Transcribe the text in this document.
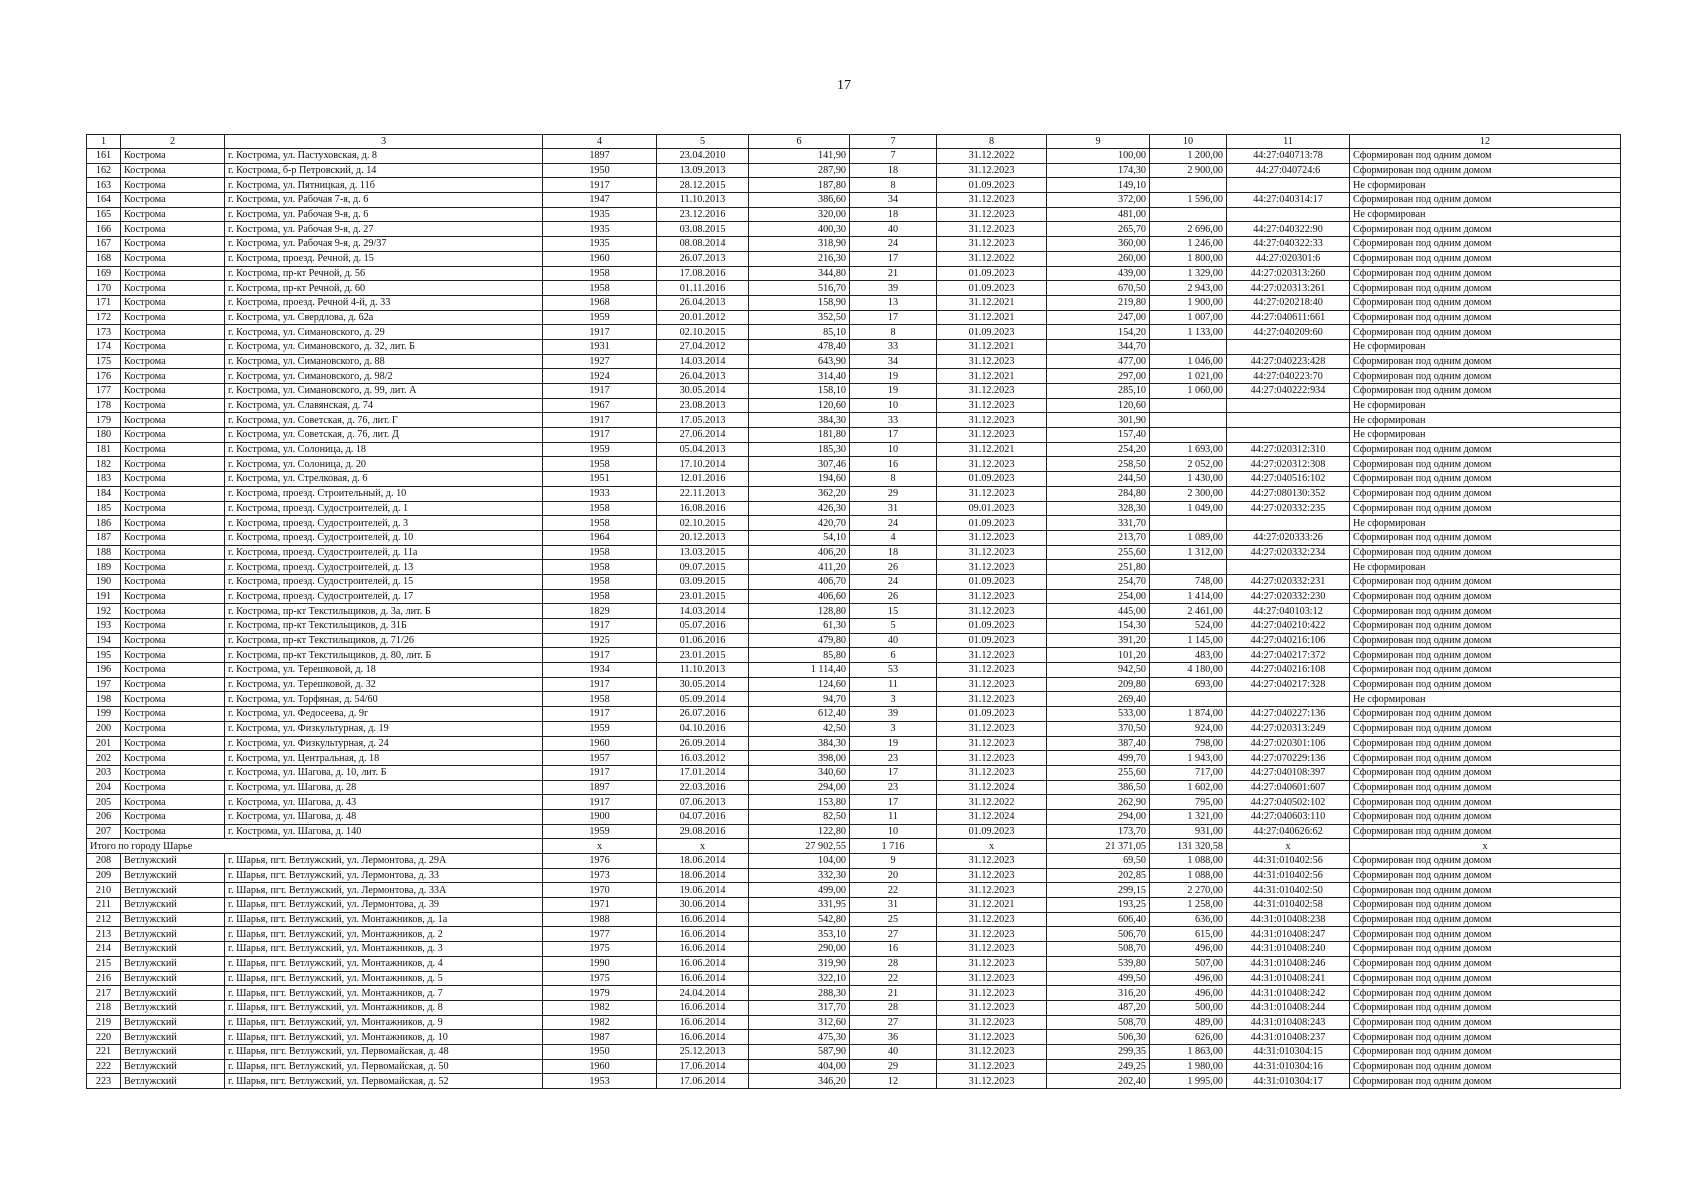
17
1	2	3	4	5	6	7	8	9	10	11	12
161	Кострома	г. Кострома, ул. Пастуховская, д. 8	1897	23.04.2010	141,90	7	31.12.2022	100,00	1 200,00	44:27:040713:78	Сформирован под одним домом
162	Кострома	г. Кострома, б-р Петровский, д. 14	1950	13.09.2013	287,90	18	31.12.2023	174,30	2 900,00	44:27:040724:6	Сформирован под одним домом
163	Кострома	г. Кострома, ул. Пятницкая, д. 11б	1917	28.12.2015	187,80	8	01.09.2023	149,10			Не сформирован
164	Кострома	г. Кострома, ул. Рабочая 7-я, д. 6	1947	11.10.2013	386,60	34	31.12.2023	372,00	1 596,00	44:27:040314:17	Сформирован под одним домом
165	Кострома	г. Кострома, ул. Рабочая 9-я, д. 6	1935	23.12.2016	320,00	18	31.12.2023	481,00			Не сформирован
166	Кострома	г. Кострома, ул. Рабочая 9-я, д. 27	1935	03.08.2015	400,30	40	31.12.2023	265,70	2 696,00	44:27:040322:90	Сформирован под одним домом
167	Кострома	г. Кострома, ул. Рабочая 9-я, д. 29/37	1935	08.08.2014	318,90	24	31.12.2023	360,00	1 246,00	44:27:040322:33	Сформирован под одним домом
168	Кострома	г. Кострома, проезд. Речной, д. 15	1960	26.07.2013	216,30	17	31.12.2022	260,00	1 800,00	44:27:020301:6	Сформирован под одним домом
169	Кострома	г. Кострома, пр-кт Речной, д. 56	1958	17.08.2016	344,80	21	01.09.2023	439,00	1 329,00	44:27:020313:260	Сформирован под одним домом
170	Кострома	г. Кострома, пр-кт Речной, д. 60	1958	01.11.2016	516,70	39	01.09.2023	670,50	2 943,00	44:27:020313:261	Сформирован под одним домом
171	Кострома	г. Кострома, проезд. Речной 4-й, д. 33	1968	26.04.2013	158,90	13	31.12.2021	219,80	1 900,00	44:27:020218:40	Сформирован под одним домом
172	Кострома	г. Кострома, ул. Свердлова, д. 62а	1959	20.01.2012	352,50	17	31.12.2021	247,00	1 007,00	44:27:040611:661	Сформирован под одним домом
173	Кострома	г. Кострома, ул. Симановского, д. 29	1917	02.10.2015	85,10	8	01.09.2023	154,20	1 133,00	44:27:040209:60	Сформирован под одним домом
174	Кострома	г. Кострома, ул. Симановского, д. 32, лит. Б	1931	27.04.2012	478,40	33	31.12.2021	344,70			Не сформирован
175	Кострома	г. Кострома, ул. Симановского, д. 88	1927	14.03.2014	643,90	34	31.12.2023	477,00	1 046,00	44:27:040223:428	Сформирован под одним домом
176	Кострома	г. Кострома, ул. Симановского, д. 98/2	1924	26.04.2013	314,40	19	31.12.2021	297,00	1 021,00	44:27:040223:70	Сформирован под одним домом
177	Кострома	г. Кострома, ул. Симановского, д. 99, лит. А	1917	30.05.2014	158,10	19	31.12.2023	285,10	1 060,00	44:27:040222:934	Сформирован под одним домом
178	Кострома	г. Кострома, ул. Славянская, д. 74	1967	23.08.2013	120,60	10	31.12.2023	120,60			Не сформирован
179	Кострома	г. Кострома, ул. Советская, д. 76, лит. Г	1917	17.05.2013	384,30	33	31.12.2023	301,90			Не сформирован
180	Кострома	г. Кострома, ул. Советская, д. 76, лит. Д	1917	27.06.2014	181,80	17	31.12.2023	157,40			Не сформирован
181	Кострома	г. Кострома, ул. Солоница, д. 18	1959	05.04.2013	185,30	10	31.12.2021	254,20	1 693,00	44:27:020312:310	Сформирован под одним домом
182	Кострома	г. Кострома, ул. Солоница, д. 20	1958	17.10.2014	307,46	16	31.12.2023	258,50	2 052,00	44:27:020312:308	Сформирован под одним домом
183	Кострома	г. Кострома, ул. Стрелковая, д. 6	1951	12.01.2016	194,60	8	01.09.2023	244,50	1 430,00	44:27:040516:102	Сформирован под одним домом
184	Кострома	г. Кострома, проезд. Строительный, д. 10	1933	22.11.2013	362,20	29	31.12.2023	284,80	2 300,00	44:27:080130:352	Сформирован под одним домом
185	Кострома	г. Кострома, проезд. Судостроителей, д. 1	1958	16.08.2016	426,30	31	09.01.2023	328,30	1 049,00	44:27:020332:235	Сформирован под одним домом
186	Кострома	г. Кострома, проезд. Судостроителей, д. 3	1958	02.10.2015	420,70	24	01.09.2023	331,70			Не сформирован
187	Кострома	г. Кострома, проезд. Судостроителей, д. 10	1964	20.12.2013	54,10	4	31.12.2023	213,70	1 089,00	44:27:020333:26	Сформирован под одним домом
188	Кострома	г. Кострома, проезд. Судостроителей, д. 11а	1958	13.03.2015	406,20	18	31.12.2023	255,60	1 312,00	44:27:020332:234	Сформирован под одним домом
189	Кострома	г. Кострома, проезд. Судостроителей, д. 13	1958	09.07.2015	411,20	26	31.12.2023	251,80			Не сформирован
190	Кострома	г. Кострома, проезд. Судостроителей, д. 15	1958	03.09.2015	406,70	24	01.09.2023	254,70	748,00	44:27:020332:231	Сформирован под одним домом
191	Кострома	г. Кострома, проезд. Судостроителей, д. 17	1958	23.01.2015	406,60	26	31.12.2023	254,00	1 414,00	44:27:020332:230	Сформирован под одним домом
192	Кострома	г. Кострома, пр-кт Текстильщиков, д. 3а, лит. Б	1829	14.03.2014	128,80	15	31.12.2023	445,00	2 461,00	44:27:040103:12	Сформирован под одним домом
193	Кострома	г. Кострома, пр-кт Текстильщиков, д. 31Б	1917	05.07.2016	61,30	5	01.09.2023	154,30	524,00	44:27:040210:422	Сформирован под одним домом
194	Кострома	г. Кострома, пр-кт Текстильщиков, д. 71/26	1925	01.06.2016	479,80	40	01.09.2023	391,20	1 145,00	44:27:040216:106	Сформирован под одним домом
195	Кострома	г. Кострома, пр-кт Текстильщиков, д. 80, лит. Б	1917	23.01.2015	85,80	6	31.12.2023	101,20	483,00	44:27:040217:372	Сформирован под одним домом
196	Кострома	г. Кострома, ул. Терешковой, д. 18	1934	11.10.2013	1 114,40	53	31.12.2023	942,50	4 180,00	44:27:040216:108	Сформирован под одним домом
197	Кострома	г. Кострома, ул. Терешковой, д. 32	1917	30.05.2014	124,60	11	31.12.2023	209,80	693,00	44:27:040217:328	Сформирован под одним домом
198	Кострома	г. Кострома, ул. Торфяная, д. 54/60	1958	05.09.2014	94,70	3	31.12.2023	269,40			Не сформирован
199	Кострома	г. Кострома, ул. Федосеева, д. 9г	1917	26.07.2016	612,40	39	01.09.2023	533,00	1 874,00	44:27:040227:136	Сформирован под одним домом
200	Кострома	г. Кострома, ул. Физкультурная, д. 19	1959	04.10.2016	42,50	3	31.12.2023	370,50	924,00	44:27:020313:249	Сформирован под одним домом
201	Кострома	г. Кострома, ул. Физкультурная, д. 24	1960	26.09.2014	384,30	19	31.12.2023	387,40	798,00	44:27:020301:106	Сформирован под одним домом
202	Кострома	г. Кострома, ул. Центральная, д. 18	1957	16.03.2012	398,00	23	31.12.2023	499,70	1 943,00	44:27:070229:136	Сформирован под одним домом
203	Кострома	г. Кострома, ул. Шагова, д. 10, лит. Б	1917	17.01.2014	340,60	17	31.12.2023	255,60	717,00	44:27:040108:397	Сформирован под одним домом
204	Кострома	г. Кострома, ул. Шагова, д. 28	1897	22.03.2016	294,00	23	31.12.2024	386,50	1 602,00	44:27:040601:607	Сформирован под одним домом
205	Кострома	г. Кострома, ул. Шагова, д. 43	1917	07.06.2013	153,80	17	31.12.2022	262,90	795,00	44:27:040502:102	Сформирован под одним домом
206	Кострома	г. Кострома, ул. Шагова, д. 48	1900	04.07.2016	82,50	11	31.12.2024	294,00	1 321,00	44:27:040603:110	Сформирован под одним домом
207	Кострома	г. Кострома, ул. Шагова, д. 140	1959	29.08.2016	122,80	10	01.09.2023	173,70	931,00	44:27:040626:62	Сформирован под одним домом
Итого по городу Шарье			x	x	27 902,55	1 716	x	21 371,05	131 320,58	x	x
208	Ветлужский	г. Шарья, пгт. Ветлужский, ул. Лермонтова, д. 29А	1976	18.06.2014	104,00	9	31.12.2023	69,50	1 088,00	44:31:010402:56	Сформирован под одним домом
209	Ветлужский	г. Шарья, пгт. Ветлужский, ул. Лермонтова, д. 33	1973	18.06.2014	332,30	20	31.12.2023	202,85	1 088,00	44:31:010402:56	Сформирован под одним домом
210	Ветлужский	г. Шарья, пгт. Ветлужский, ул. Лермонтова, д. 33А	1970	19.06.2014	499,00	22	31.12.2023	299,15	2 270,00	44:31:010402:50	Сформирован под одним домом
211	Ветлужский	г. Шарья, пгт. Ветлужский, ул. Лермонтова, д. 39	1971	30.06.2014	331,95	31	31.12.2021	193,25	1 258,00	44:31:010402:58	Сформирован под одним домом
212	Ветлужский	г. Шарья, пгт. Ветлужский, ул. Монтажников, д. 1а	1988	16.06.2014	542,80	25	31.12.2023	606,40	636,00	44:31:010408:238	Сформирован под одним домом
213	Ветлужский	г. Шарья, пгт. Ветлужский, ул. Монтажников, д. 2	1977	16.06.2014	353,10	27	31.12.2023	506,70	615,00	44:31:010408:247	Сформирован под одним домом
214	Ветлужский	г. Шарья, пгт. Ветлужский, ул. Монтажников, д. 3	1975	16.06.2014	290,00	16	31.12.2023	508,70	496,00	44:31:010408:240	Сформирован под одним домом
215	Ветлужский	г. Шарья, пгт. Ветлужский, ул. Монтажников, д. 4	1990	16.06.2014	319,90	28	31.12.2023	539,80	507,00	44:31:010408:246	Сформирован под одним домом
216	Ветлужский	г. Шарья, пгт. Ветлужский, ул. Монтажников, д. 5	1975	16.06.2014	322,10	22	31.12.2023	499,50	496,00	44:31:010408:241	Сформирован под одним домом
217	Ветлужский	г. Шарья, пгт. Ветлужский, ул. Монтажников, д. 7	1979	24.04.2014	288,30	21	31.12.2023	316,20	496,00	44:31:010408:242	Сформирован под одним домом
218	Ветлужский	г. Шарья, пгт. Ветлужский, ул. Монтажников, д. 8	1982	16.06.2014	317,70	28	31.12.2023	487,20	500,00	44:31:010408:244	Сформирован под одним домом
219	Ветлужский	г. Шарья, пгт. Ветлужский, ул. Монтажников, д. 9	1982	16.06.2014	312,60	27	31.12.2023	508,70	489,00	44:31:010408:243	Сформирован под одним домом
220	Ветлужский	г. Шарья, пгт. Ветлужский, ул. Монтажников, д. 10	1987	16.06.2014	475,30	36	31.12.2023	506,30	626,00	44:31:010408:237	Сформирован под одним домом
221	Ветлужский	г. Шарья, пгт. Ветлужский, ул. Первомайская, д. 48	1950	25.12.2013	587,90	40	31.12.2023	299,35	1 863,00	44:31:010304:15	Сформирован под одним домом
222	Ветлужский	г. Шарья, пгт. Ветлужский, ул. Первомайская, д. 50	1960	17.06.2014	404,00	29	31.12.2023	249,25	1 980,00	44:31:010304:16	Сформирован под одним домом
223	Ветлужский	г. Шарья, пгт. Ветлужский, ул. Первомайская, д. 52	1953	17.06.2014	346,20	12	31.12.2023	202,40	1 995,00	44:31:010304:17	Сформирован под одним домом
